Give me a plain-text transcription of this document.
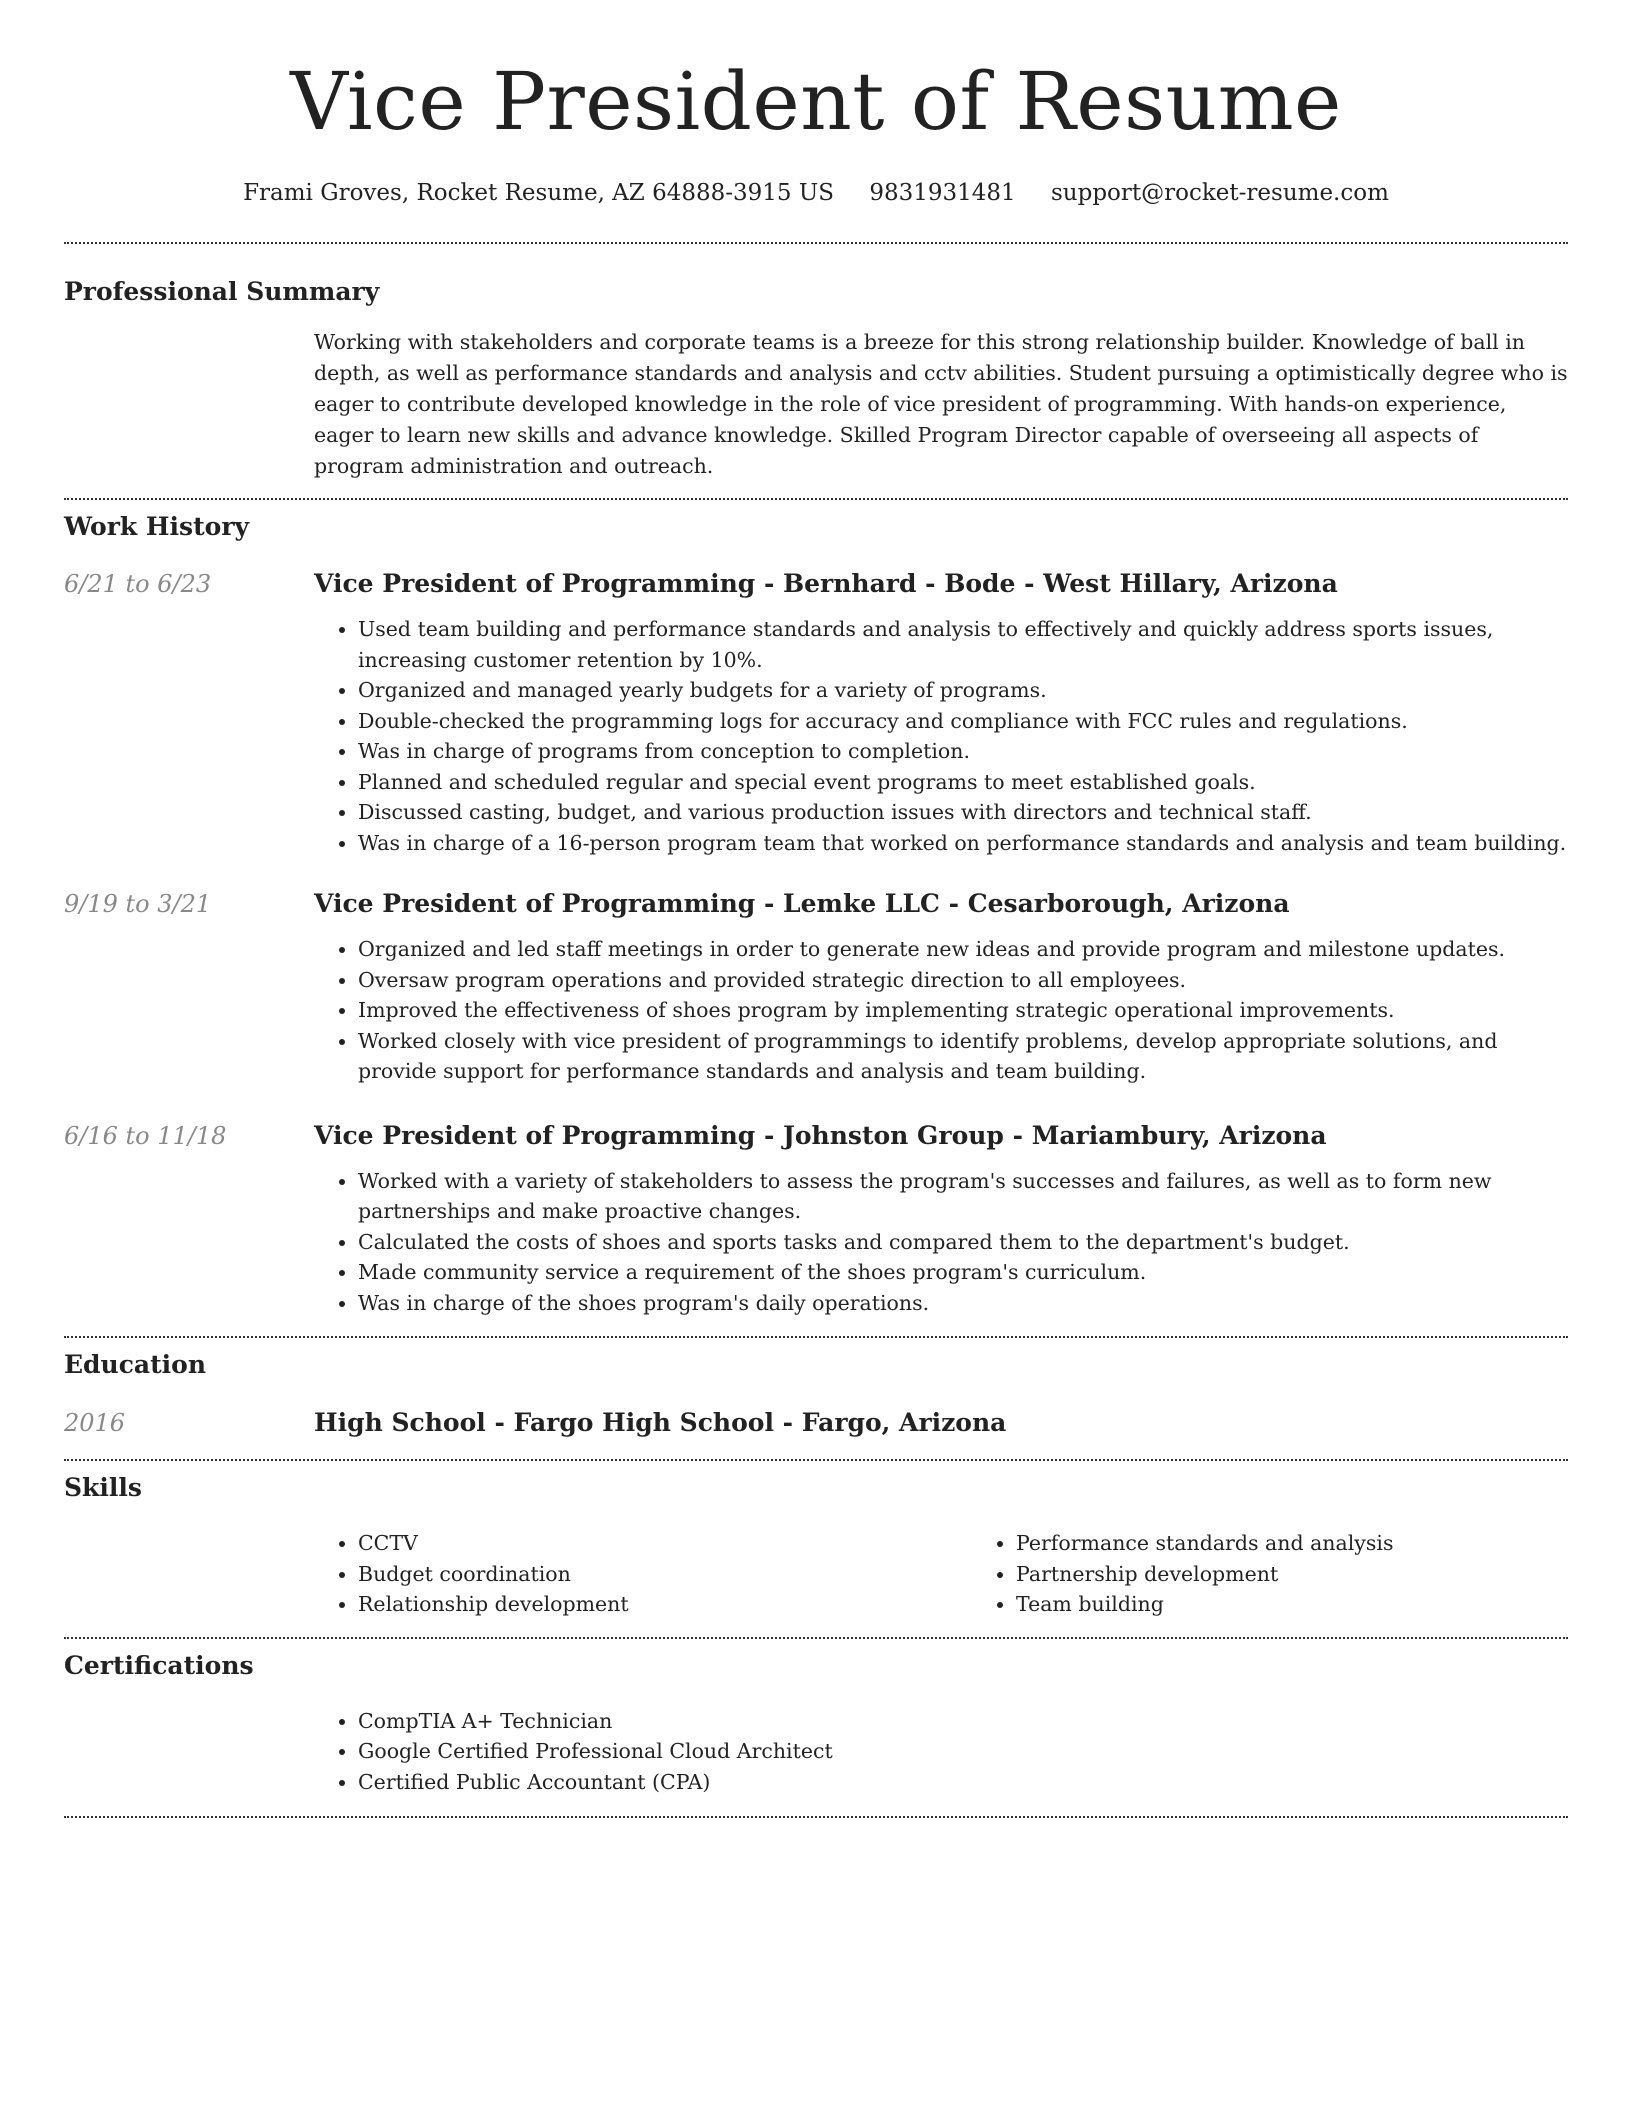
Vice President of Resume
Frami Groves, Rocket Resume, AZ 64888-3915 US 9831931481 support@rocket-resume.com
Professional Summary

Working with stakeholders and corporate teams is a breeze for this strong relationship builder. Knowledge of ball in depth, as well as performance standards and analysis and cctv abilities. Student pursuing a optimistically degree who is eager to contribute developed knowledge in the role of vice president of programming. With hands-on experience, eager to learn new skills and advance knowledge. Skilled Program Director capable of overseeing all aspects of program administration and outreach.

Work History
6/21 to 6/23	Vice President of Programming - Bernhard - Bode - West Hillary, Arizona
• Used team building and performance standards and analysis to effectively and quickly address sports issues, increasing customer retention by 10%.
• Organized and managed yearly budgets for a variety of programs.
• Double-checked the programming logs for accuracy and compliance with FCC rules and regulations.
• Was in charge of programs from conception to completion.
• Planned and scheduled regular and special event programs to meet established goals.
• Discussed casting, budget, and various production issues with directors and technical staff.
• Was in charge of a 16-person program team that worked on performance standards and analysis and team building.
9/19 to 3/21	Vice President of Programming - Lemke LLC - Cesarborough, Arizona
• Organized and led staff meetings in order to generate new ideas and provide program and milestone updates.
• Oversaw program operations and provided strategic direction to all employees.
• Improved the effectiveness of shoes program by implementing strategic operational improvements.
• Worked closely with vice president of programmings to identify problems, develop appropriate solutions, and provide support for performance standards and analysis and team building.
6/16 to 11/18	Vice President of Programming - Johnston Group - Mariambury, Arizona
• Worked with a variety of stakeholders to assess the program's successes and failures, as well as to form new partnerships and make proactive changes.
• Calculated the costs of shoes and sports tasks and compared them to the department's budget.
• Made community service a requirement of the shoes program's curriculum.
• Was in charge of the shoes program's daily operations.
Education
2016	High School - Fargo High School - Fargo, Arizona
Skills
• CCTV
• Budget coordination
• Relationship development
• Performance standards and analysis
• Partnership development
• Team building
Certifications
• CompTIA A+ Technician
• Google Certified Professional Cloud Architect
• Certified Public Accountant (CPA)
